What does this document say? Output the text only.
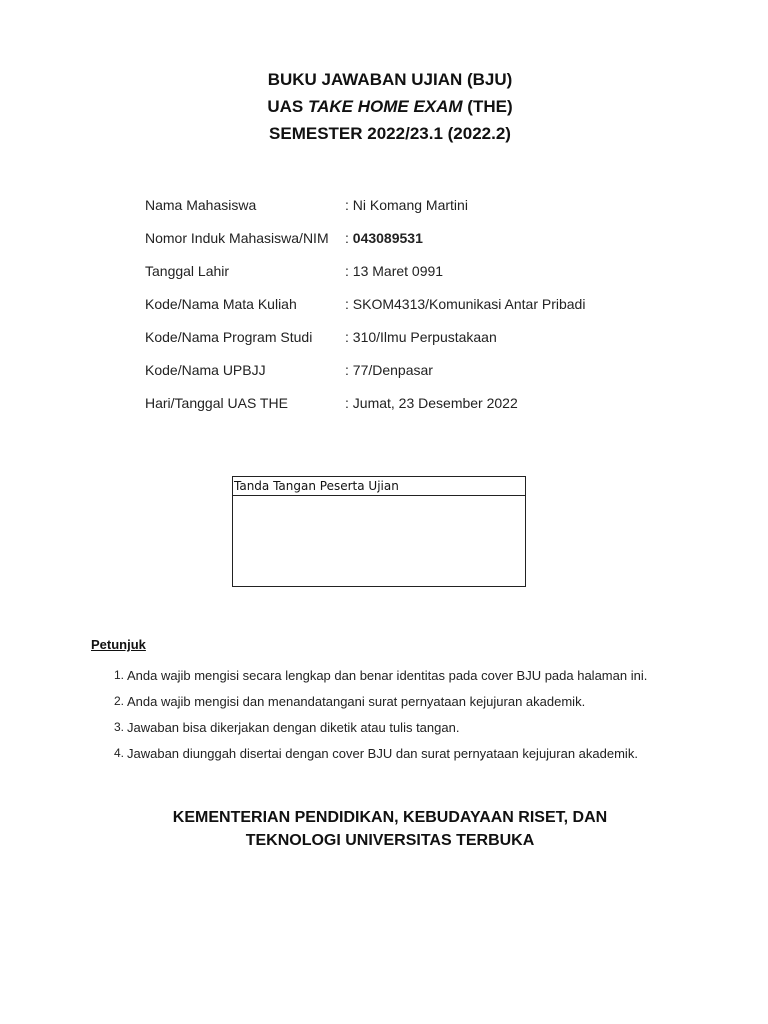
BUKU JAWABAN UJIAN (BJU)
UAS TAKE HOME EXAM (THE)
SEMESTER 2022/23.1 (2022.2)
Nama Mahasiswa	: Ni Komang Martini
Nomor Induk Mahasiswa/NIM	: 043089531
Tanggal Lahir	: 13 Maret 0991
Kode/Nama Mata Kuliah	: SKOM4313/Komunikasi Antar Pribadi
Kode/Nama Program Studi	: 310/Ilmu Perpustakaan
Kode/Nama UPBJJ	: 77/Denpasar
Hari/Tanggal UAS THE	: Jumat, 23 Desember 2022
Tanda Tangan Peserta Ujian
Petunjuk
1. Anda wajib mengisi secara lengkap dan benar identitas pada cover BJU pada halaman ini.
2. Anda wajib mengisi dan menandatangani surat pernyataan kejujuran akademik.
3. Jawaban bisa dikerjakan dengan diketik atau tulis tangan.
4. Jawaban diunggah disertai dengan cover BJU dan surat pernyataan kejujuran akademik.
KEMENTERIAN PENDIDIKAN, KEBUDAYAAN RISET, DAN
TEKNOLOGI UNIVERSITAS TERBUKA
